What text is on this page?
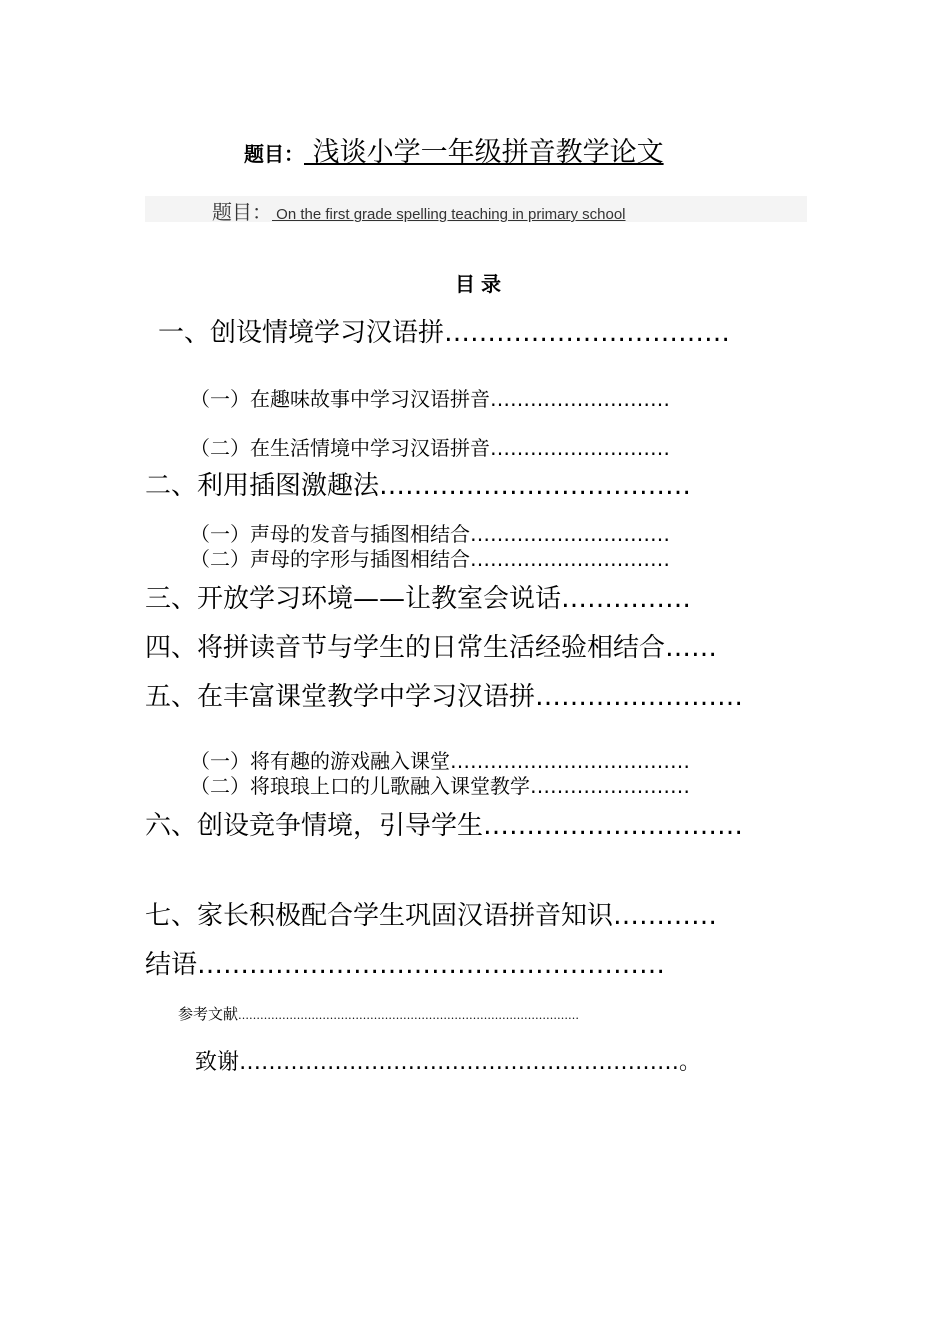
题目： 浅谈小学一年级拼音教学论文
题目： On the first grade spelling teaching in primary school
目录
一、创设情境学习汉语拼……………………………
（一）在趣味故事中学习汉语拼音………………………
（二）在生活情境中学习汉语拼音………………………
二、利用插图激趣法………………………………
（一）声母的发音与插图相结合…………………………
（二）声母的字形与插图相结合…………………………
三、开放学习环境——让教室会说话……………
四、将拼读音节与学生的日常生活经验相结合……
五、在丰富课堂教学中学习汉语拼……………………
（一）将有趣的游戏融入课堂………………………………
（二）将琅琅上口的儿歌融入课堂教学……………………
六、创设竞争情境，引导学生…………………………
七、家长积极配合学生巩固汉语拼音知识…………
结语………………………………………………
参考文献…………………………………………………………………………………
致谢……………………………………………………。
